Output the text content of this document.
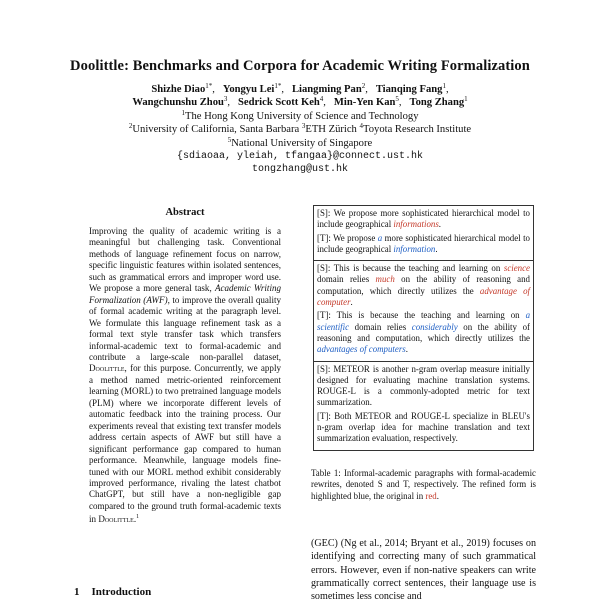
Doolittle: Benchmarks and Corpora for Academic Writing Formalization
Shizhe Diao$^{1*}$,   Yongyu Lei$^{1*}$,   Liangming Pan$^2$,   Tianqing Fang$^1$,
Wangchunshu Zhou$^3$,   Sedrick Scott Keh$^4$,   Min-Yen Kan$^5$,   Tong Zhang$^1$
$^1$The Hong Kong University of Science and Technology
$^2$University of California, Santa Barbara $^3$ETH Zürich $^4$Toyota Research Institute
$^5$National University of Singapore
{sdiaoaa, yleiah, tfangaa}@connect.ust.hk
tongzhang@ust.hk
Abstract
Improving the quality of academic writing is a meaningful but challenging task. Conventional methods of language refinement focus on narrow, specific linguistic features within isolated sentences, such as grammatical errors and improper word use. We propose a more general task, Academic Writing Formalization (AWF), to improve the overall quality of formal academic writing at the paragraph level. We formulate this language refinement task as a formal text style transfer task which transfers informal-academic text to formal-academic and contribute a large-scale non-parallel dataset, Doolittle, for this purpose. Concurrently, we apply a method named metric-oriented reinforcement learning (MORL) to two pretrained language models (PLM) where we incorporate different levels of automatic feedback into the training process. Our experiments reveal that existing text transfer models address certain aspects of AWF but still have a significant performance gap compared to human performance. Meanwhile, language models fine-tuned with our MORL method exhibit considerably improved performance, rivaling the latest chatbot ChatGPT, but still have a non-negligible gap compared to the ground truth formal-academic texts in Doolittle.$^1$
1 Introduction

[S]: We propose more sophisticated hierarchical model to include geographical informations.

[T]: We propose a more sophisticated hierarchical model to include geographical information.

[S]: This is because the teaching and learning on science domain relies much on the ability of reasoning and computation, which directly utilizes the advantage of computer.

[T]: This is because the teaching and learning on a scientific domain relies considerably on the ability of reasoning and computation, which directly utilizes the advantages of computers.

[S]: METEOR is another n-gram overlap measure initially designed for evaluating machine translation systems. ROUGE-L is a commonly-adopted metric for text summarization.

[T]: Both METEOR and ROUGE-L specialize in BLEU's n-gram overlap idea for machine translation and text summarization evaluation, respectively.

Table 1: Informal-academic paragraphs with formal-academic rewrites, denoted S and T, respectively. The refined form is highlighted blue, the original in red.
(GEC) (Ng et al., 2014; Bryant et al., 2019) focuses on identifying and correcting many of such grammatical errors. However, even if non-native speakers can write grammatically correct sentences, their language use is sometimes less concise and
